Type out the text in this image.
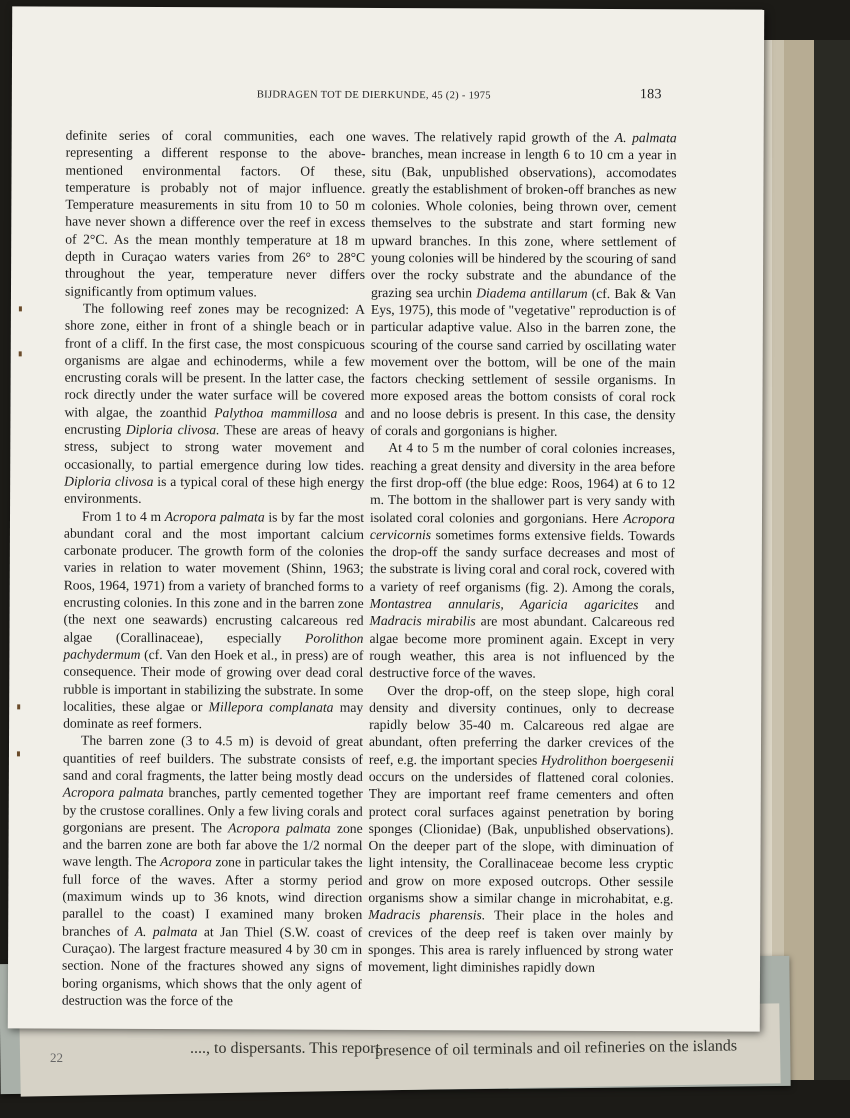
22
...., to dispersants. This report
presence of oil terminals and oil refineries on the islands
BIJDRAGEN TOT DE DIERKUNDE, 45 (2) - 1975	183

definite series of coral communities, each one representing a different response to the above-mentioned environmental factors. Of these, temperature is probably not of major influence. Temperature measurements in situ from 10 to 50 m have never shown a difference over the reef in excess of 2°C. As the mean monthly temperature at 18 m depth in Curaçao waters varies from 26° to 28°C throughout the year, temperature never differs significantly from optimum values.

The following reef zones may be recognized: A shore zone, either in front of a shingle beach or in front of a cliff. In the first case, the most conspicuous organisms are algae and echinoderms, while a few encrusting corals will be present. In the latter case, the rock directly under the water surface will be covered with algae, the zoanthid Palythoa mammillosa and encrusting Diploria clivosa. These are areas of heavy stress, subject to strong water movement and occasionally, to partial emergence during low tides. Diploria clivosa is a typical coral of these high energy environments.

From 1 to 4 m Acropora palmata is by far the most abundant coral and the most important calcium carbonate producer. The growth form of the colonies varies in relation to water movement (Shinn, 1963; Roos, 1964, 1971) from a variety of branched forms to encrusting colonies. In this zone and in the barren zone (the next one seawards) encrusting calcareous red algae (Corallinaceae), especially Porolithon pachydermum (cf. Van den Hoek et al., in press) are of consequence. Their mode of growing over dead coral rubble is important in stabilizing the substrate. In some localities, these algae or Millepora complanata may dominate as reef formers.

The barren zone (3 to 4.5 m) is devoid of great quantities of reef builders. The substrate consists of sand and coral fragments, the latter being mostly dead Acropora palmata branches, partly cemented together by the crustose corallines. Only a few living corals and gorgonians are present. The Acropora palmata zone and the barren zone are both far above the 1/2 normal wave length. The Acropora zone in particular takes the full force of the waves. After a stormy period (maximum winds up to 36 knots, wind direction parallel to the coast) I examined many broken branches of A. palmata at Jan Thiel (S.W. coast of Curaçao). The largest fracture measured 4 by 30 cm in section. None of the fractures showed any signs of boring organisms, which shows that the only agent of destruction was the force of the

waves. The relatively rapid growth of the A. palmata branches, mean increase in length 6 to 10 cm a year in situ (Bak, unpublished observations), accomodates greatly the establishment of broken-off branches as new colonies. Whole colonies, being thrown over, cement themselves to the substrate and start forming new upward branches. In this zone, where settlement of young colonies will be hindered by the scouring of sand over the rocky substrate and the abundance of the grazing sea urchin Diadema antillarum (cf. Bak & Van Eys, 1975), this mode of "vegetative" reproduction is of particular adaptive value. Also in the barren zone, the scouring of the course sand carried by oscillating water movement over the bottom, will be one of the main factors checking settlement of sessile organisms. In more exposed areas the bottom consists of coral rock and no loose debris is present. In this case, the density of corals and gorgonians is higher.

At 4 to 5 m the number of coral colonies increases, reaching a great density and diversity in the area before the first drop-off (the blue edge: Roos, 1964) at 6 to 12 m. The bottom in the shallower part is very sandy with isolated coral colonies and gorgonians. Here Acropora cervicornis sometimes forms extensive fields. Towards the drop-off the sandy surface decreases and most of the substrate is living coral and coral rock, covered with a variety of reef organisms (fig. 2). Among the corals, Montastrea annularis, Agaricia agaricites and Madracis mirabilis are most abundant. Calcareous red algae become more prominent again. Except in very rough weather, this area is not influenced by the destructive force of the waves.

Over the drop-off, on the steep slope, high coral density and diversity continues, only to decrease rapidly below 35-40 m. Calcareous red algae are abundant, often preferring the darker crevices of the reef, e.g. the important species Hydrolithon boergesenii occurs on the undersides of flattened coral colonies. They are important reef frame cementers and often protect coral surfaces against penetration by boring sponges (Clionidae) (Bak, unpublished observations). On the deeper part of the slope, with diminuation of light intensity, the Corallinaceae become less cryptic and grow on more exposed outcrops. Other sessile organisms show a similar change in microhabitat, e.g. Madracis pharensis. Their place in the holes and crevices of the deep reef is taken over mainly by sponges. This area is rarely influenced by strong water movement, light diminishes rapidly down
